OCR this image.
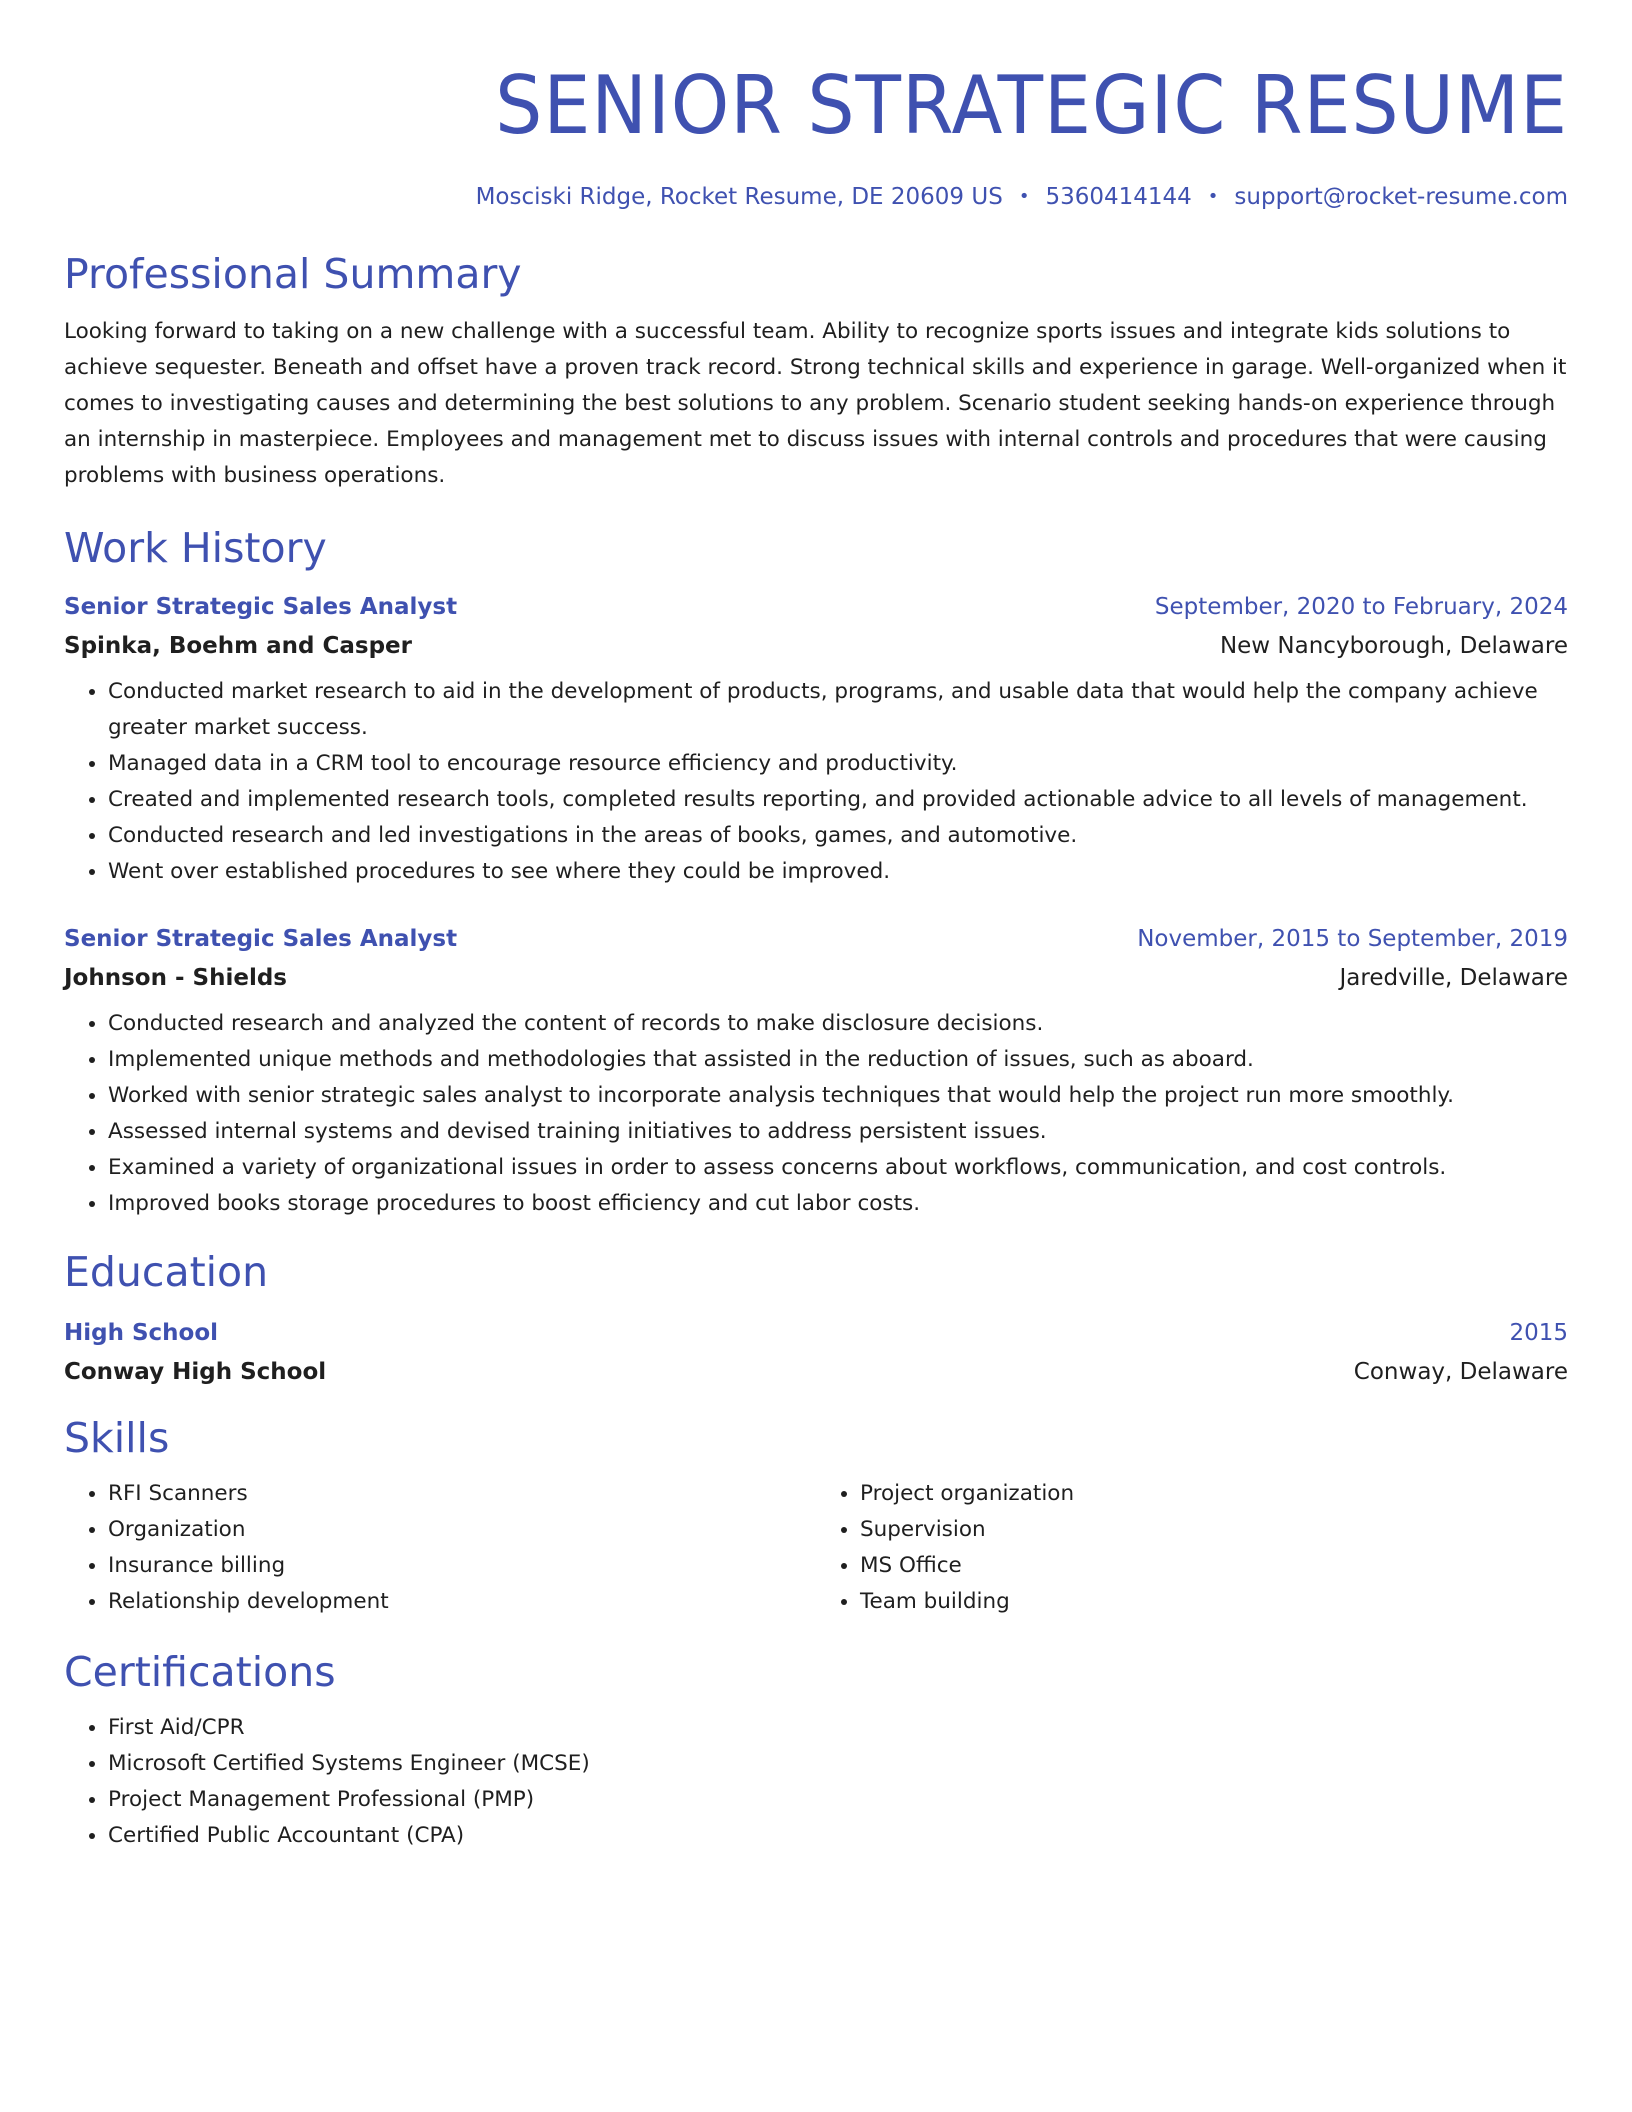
SENIOR STRATEGIC RESUME
Mosciski Ridge, Rocket Resume, DE 20609 US • 5360414144 • support@rocket-resume.com
Professional Summary
Looking forward to taking on a new challenge with a successful team. Ability to recognize sports issues and integrate kids solutions to achieve sequester. Beneath and offset have a proven track record. Strong technical skills and experience in garage. Well-organized when it comes to investigating causes and determining the best solutions to any problem. Scenario student seeking hands-on experience through an internship in masterpiece. Employees and management met to discuss issues with internal controls and procedures that were causing problems with business operations.
Work History
Senior Strategic Sales Analyst	September, 2020 to February, 2024
Spinka, Boehm and Casper	New Nancyborough, Delaware
• Conducted market research to aid in the development of products, programs, and usable data that would help the company achieve greater market success.
• Managed data in a CRM tool to encourage resource efficiency and productivity.
• Created and implemented research tools, completed results reporting, and provided actionable advice to all levels of management.
• Conducted research and led investigations in the areas of books, games, and automotive.
• Went over established procedures to see where they could be improved.
Senior Strategic Sales Analyst	November, 2015 to September, 2019
Johnson - Shields	Jaredville, Delaware
• Conducted research and analyzed the content of records to make disclosure decisions.
• Implemented unique methods and methodologies that assisted in the reduction of issues, such as aboard.
• Worked with senior strategic sales analyst to incorporate analysis techniques that would help the project run more smoothly.
• Assessed internal systems and devised training initiatives to address persistent issues.
• Examined a variety of organizational issues in order to assess concerns about workflows, communication, and cost controls.
• Improved books storage procedures to boost efficiency and cut labor costs.
Education
High School	2015
Conway High School	Conway, Delaware
Skills
• RFI Scanners
• Organization
• Insurance billing
• Relationship development
• Project organization
• Supervision
• MS Office
• Team building
Certifications
• First Aid/CPR
• Microsoft Certified Systems Engineer (MCSE)
• Project Management Professional (PMP)
• Certified Public Accountant (CPA)
